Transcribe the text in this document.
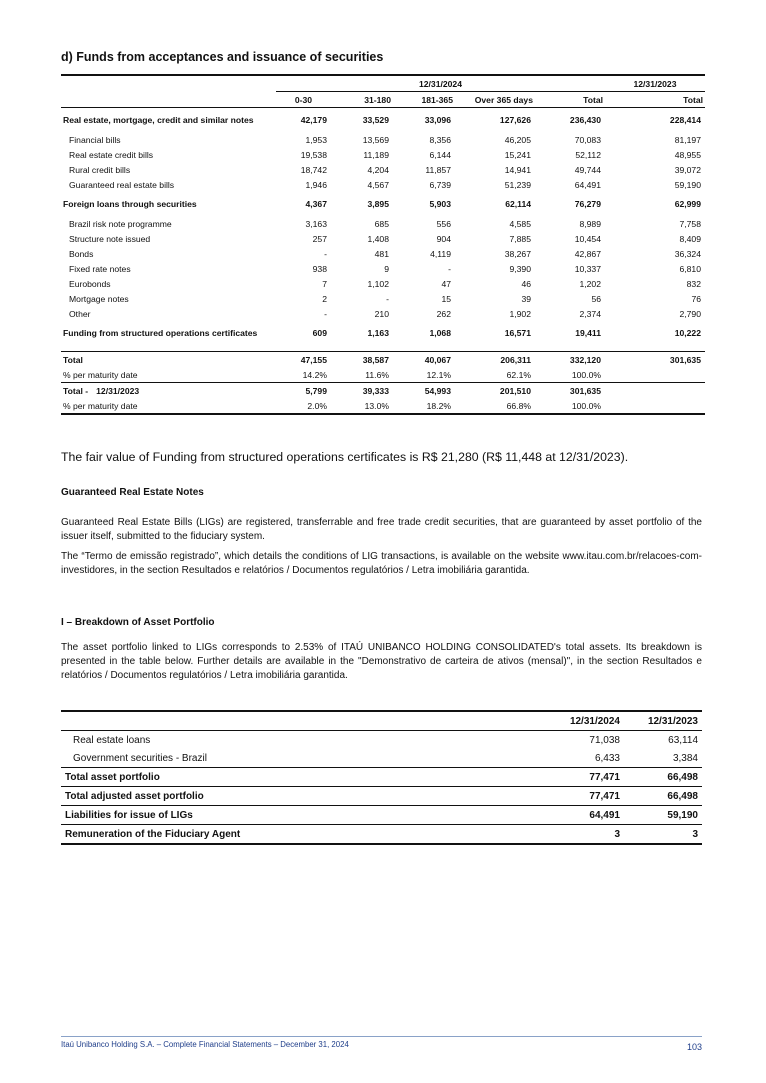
d) Funds from acceptances and issuance of securities
	12/31/2024					12/31/2023
	0-30	31-180	181-365	Over 365 days	Total	Total
Real estate, mortgage, credit and similar notes	42,179	33,529	33,096	127,626	236,430	228,414
Financial bills	1,953	13,569	8,356	46,205	70,083	81,197
Real estate credit bills	19,538	11,189	6,144	15,241	52,112	48,955
Rural credit bills	18,742	4,204	11,857	14,941	49,744	39,072
Guaranteed real estate bills	1,946	4,567	6,739	51,239	64,491	59,190
Foreign loans through securities	4,367	3,895	5,903	62,114	76,279	62,999
Brazil risk note programme	3,163	685	556	4,585	8,989	7,758
Structure note issued	257	1,408	904	7,885	10,454	8,409
Bonds	-	481	4,119	38,267	42,867	36,324
Fixed rate notes	938	9	-	9,390	10,337	6,810
Eurobonds	7	1,102	47	46	1,202	832
Mortgage notes	2	-	15	39	56	76
Other	-	210	262	1,902	2,374	2,790
Funding from structured operations certificates	609	1,163	1,068	16,571	19,411	10,222

Total	47,155	38,587	40,067	206,311	332,120	301,635
% per maturity date	14.2%	11.6%	12.1%	62.1%	100.0%	
Total - 12/31/2023	5,799	39,333	54,993	201,510	301,635	
% per maturity date	2.0%	13.0%	18.2%	66.8%	100.0%	
The fair value of Funding from structured operations certificates is R$ 21,280 (R$ 11,448 at 12/31/2023).
Guaranteed Real Estate Notes
Guaranteed Real Estate Bills (LIGs) are registered, transferrable and free trade credit securities, that are guaranteed by asset portfolio of the issuer itself, submitted to the fiduciary system.
The “Termo de emissão registrado”, which details the conditions of LIG transactions, is available on the website www.itau.com.br/relacoes-com-investidores, in the section Resultados e relatórios / Documentos regulatórios / Letra imobiliária garantida.
I – Breakdown of Asset Portfolio
The asset portfolio linked to LIGs corresponds to 2.53% of ITAÚ UNIBANCO HOLDING CONSOLIDATED's total assets. Its breakdown is presented in the table below. Further details are available in the "Demonstrativo de carteira de ativos (mensal)", in the section Resultados e relatórios / Documentos regulatórios / Letra imobiliária garantida.
	12/31/2024	12/31/2023
Real estate loans	71,038	63,114
Government securities - Brazil	6,433	3,384
Total asset portfolio	77,471	66,498
Total adjusted asset portfolio	77,471	66,498
Liabilities for issue of LIGs	64,491	59,190
Remuneration of the Fiduciary Agent	3	3
Itaú Unibanco Holding S.A. – Complete Financial Statements – December 31, 2024	103
